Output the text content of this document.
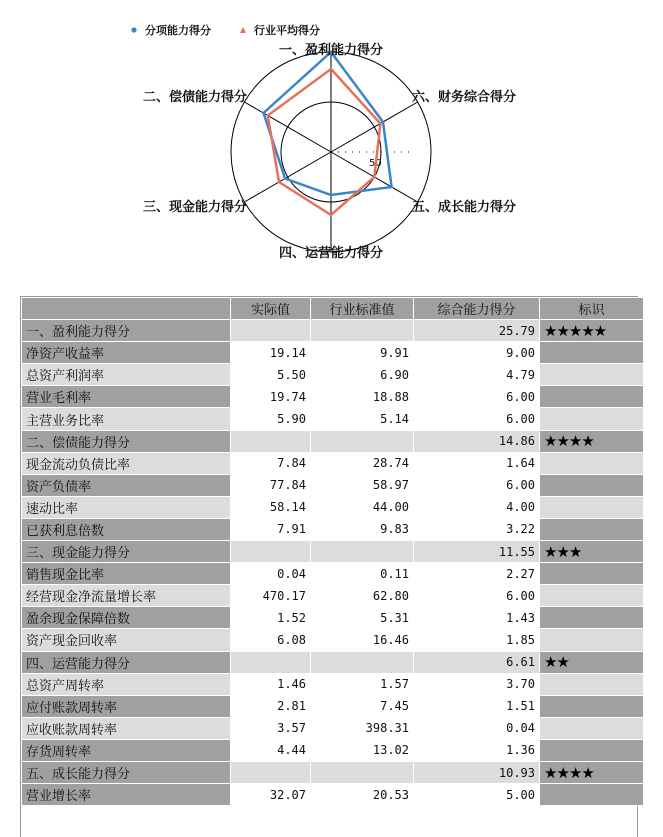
分项能力得分	行业平均得分
50
一、盈利能力得分
六、财务综合得分
五、成长能力得分
四、运营能力得分
三、现金能力得分
二、偿债能力得分
	实际值	行业标准值	综合能力得分	标识
一、盈利能力得分			25.79	★★★★★
净资产收益率	19.14	9.91	9.00	
总资产利润率	5.50	6.90	4.79	
营业毛利率	19.74	18.88	6.00	
主营业务比率	5.90	5.14	6.00	
二、偿债能力得分			14.86	★★★★
现金流动负债比率	7.84	28.74	1.64	
资产负债率	77.84	58.97	6.00	
速动比率	58.14	44.00	4.00	
已获利息倍数	7.91	9.83	3.22	
三、现金能力得分			11.55	★★★
销售现金比率	0.04	0.11	2.27	
经营现金净流量增长率	470.17	62.80	6.00	
盈余现金保障倍数	1.52	5.31	1.43	
资产现金回收率	6.08	16.46	1.85	
四、运营能力得分			6.61	★★
总资产周转率	1.46	1.57	3.70	
应付账款周转率	2.81	7.45	1.51	
应收账款周转率	3.57	398.31	0.04	
存货周转率	4.44	13.02	1.36	
五、成长能力得分			10.93	★★★★
营业增长率	32.07	20.53	5.00	
